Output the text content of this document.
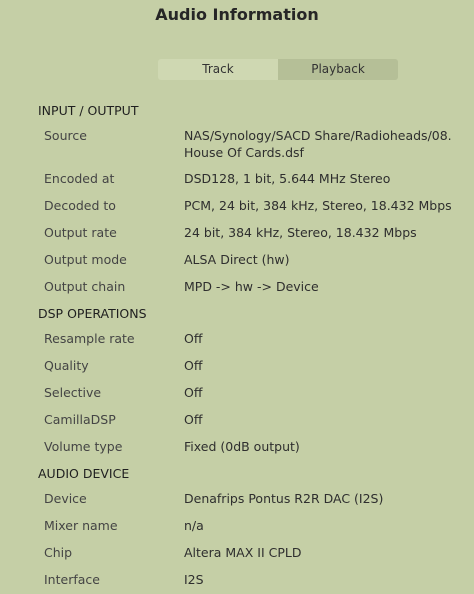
Audio Information
Track	Playback
INPUT / OUTPUT
Source	NAS/Synology/SACD Share/Radioheads/08. House Of Cards.dsf
Encoded at	DSD128, 1 bit, 5.644 MHz Stereo
Decoded to	PCM, 24 bit, 384 kHz, Stereo, 18.432 Mbps
Output rate	24 bit, 384 kHz, Stereo, 18.432 Mbps
Output mode	ALSA Direct (hw)
Output chain	MPD -> hw -> Device
DSP OPERATIONS
Resample rate	Off
Quality	Off
Selective	Off
CamillaDSP	Off
Volume type	Fixed (0dB output)
AUDIO DEVICE
Device	Denafrips Pontus R2R DAC (I2S)
Mixer name	n/a
Chip	Altera MAX II CPLD
Interface	I2S
